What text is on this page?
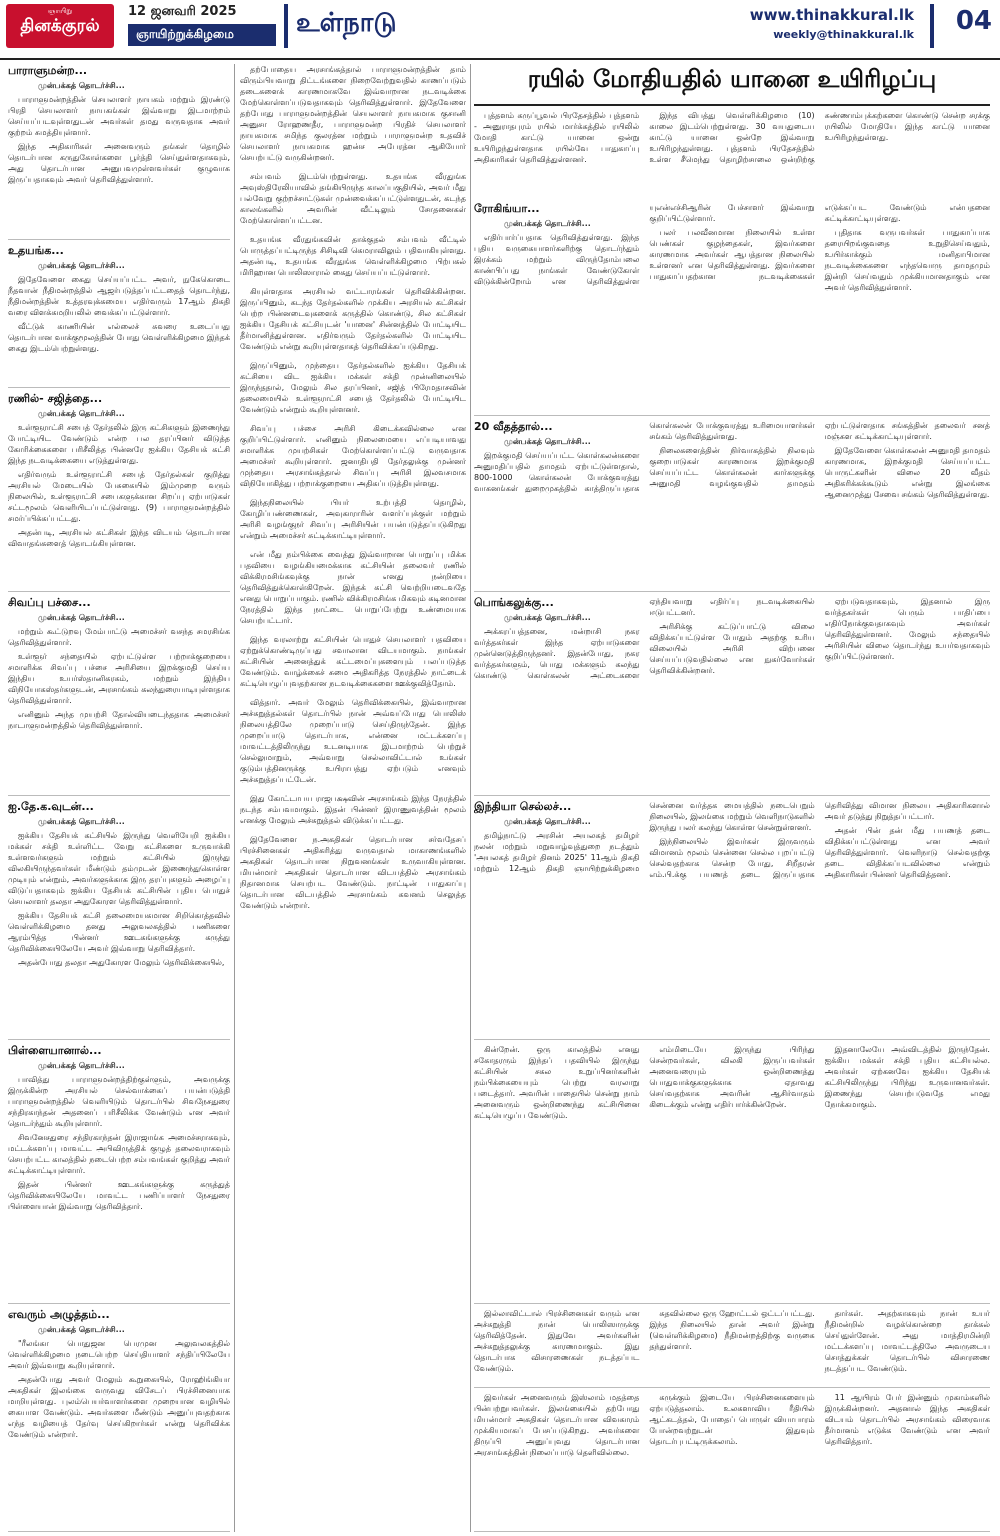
ஞாயிறு
தினக்குரல்
12 ஜனவரி 2025
ஞாயிற்றுக்கிழமை	உள்நாடு	www.thinakkural.lk
weekly@thinakkural.lk 04
பாராளுமன்ற...
முன்பக்கத் தொடர்ச்சி...

பாராளுமன்றத்தின் செயலாளர் நாயகம் மற்றும் இரண்டு பிரதி செயலாளர் நாயகங்கள் இவ்வாறு இடமாற்றம் செய்யப்படவுள்ளதுடன் அவர்கள் தமது வருவதாக அவர் குற்றம் சுமத்தியுள்ளார்.

இந்த அதிகாரிகள் அனைவரும் தங்கள் தொழில் தொடர்பான கருதுகோள்களை பூர்த்தி செய்துள்ளதாகவும், அது தொடர்பான அனுபவமுள்ளவர்கள் குழுவாக இருப்பதாகவும் அவர் தெரிவித்துள்ளார்.

உதயங்க...
முன்பக்கத் தொடர்ச்சி...

இதேவேளை கைது செய்யப்பட்ட அவர், நுகேகொடை நீதவான் நீதிமன்றத்தில் ஆஜர்படுத்தப்பட்டதைத் தொடர்ந்து, நீதிமன்றத்தின் உத்தரவுக்கமைய எதிர்வரும் 17ஆம் திகதி வரை விளக்கமறியலில் வைக்கப்பட்டுள்ளார்.

வீட்டுக் காணியின் எல்லைச் சுவரை உடைப்பது தொடர்பான வாக்குமூலத்தின் போது வெள்ளிக்கிழமை இந்தக் கைது இடம்பெற்றுள்ளது.

ரணில்- சஜித்தை...
முன்பக்கத் தொடர்ச்சி...

உள்ளூராட்சி சபைத் தேர்தலில் இரு கட்சிகளும் இணைந்து போட்டியிட வேண்டும் என்ற பல தரப்பினர் விடுத்த கோரிக்கைகளை பரிசீலித்த பின்னரே ஐக்கிய தேசியக் கட்சி இந்த நடவடிக்கையை எடுத்துள்ளது.

எதிர்வரும் உள்ளூராட்சி சபைத் தேர்தல்கள் குறித்து அரசியல் மேடையில் பேசுகையில் இம்முறை வரும் நிலையில், உள்ளூராட்சி சபைகளுக்கான சிறப்பு ஏற்பாடுகள் சட்டமூலம் வெளியிடப்பட்டுள்ளது. (9) பாராளுமன்றத்தில் சமர்ப்பிக்கப்பட்டது.

அதன்படி, அரசியல் கட்சிகள் இந்த விடயம் தொடர்பான விவாதங்களைத் தொடங்கியுள்ளன.

சிவப்பு பச்சை...
முன்பக்கத் தொடர்ச்சி...

மற்றும் கூட்டுறவு மேம்பாட்டு அமைச்சர் வசந்த சமரசிங்க தெரிவித்துள்ளார்.

உள்ளூர் சந்தையில் ஏற்பட்டுள்ள பற்றாக்குறையை சமாளிக்க சிவப்பு பச்சை அரிசியை இறக்குமதி செய்ய இந்திய உயர்ஸ்தானிகரகம், மற்றும் இந்திய விநியோகஸ்தர்களுடன், அரசாங்கம் கலந்துரையாடியுள்ளதாக தெரிவித்துள்ளார்.

எனினும் அந்த முயற்சி தோல்வியடைந்ததாக அமைச்சர் நாடாளுமன்றத்தில் தெரிவித்துள்ளார்.

ஐ.தே.க.வுடன்...
முன்பக்கத் தொடர்ச்சி...

ஐக்கிய தேசியக் கட்சியில் இருந்து வெளியேறி ஐக்கிய மக்கள் சக்தி உள்ளிட்ட வேறு கட்சிகளை உருவாக்கி உள்ளவர்களும் மற்றும் கட்சியில் இருந்து விலகியிருந்தவர்கள் மீண்டும் தம்முடன் இணைந்துகொள்ள முடியும் என்றும், அவர்களுக்காக இரு தரப்புகளும் அழைப்பு விடுப்பதாகவும் ஐக்கிய தேசியக் கட்சியின் புதிய பொதுச் செயலாளர் தலதா அதுகோரள தெரிவித்துள்ளார்.

ஐக்கிய தேசியக் கட்சி தலைமையகமான சிறிகொத்தவில் வெள்ளிக்கிழமை தனது அலுவலகத்தில் பணிகளை ஆரம்பித்த பின்னர் ஊடகங்களுக்கு கருத்து தெரிவிக்கையிலேயே அவர் இவ்வாறு தெரிவித்தார்.

அதன்போது தலதா அதுகோரள மேலும் தெரிவிக்கையில்,

பிள்ளையானால்...
முன்பக்கத் தொடர்ச்சி...

பாவித்து பாராளுமன்றத்திற்குள்ளும், அவருக்கு இருக்கின்ற அரசியல் செல்வாக்கைப் பயன்படுத்தி பாராளுமன்றத்தில் வெளியிடும் தொடர்பில் சிவநேசதுரை சந்திரகாந்தன் அதனைப் பரிசீலிக்க வேண்டும் என அவர் தொடர்ந்தும் கூறியுள்ளார்.

சிவனேசதுரை சந்திரகாந்தன் இராஜாங்க அமைச்சராகவும், மட்டக்களப்பு மாவட்ட அபிவிருத்திக் குழுத் தலைவராகவும் செயற்பட்ட காலத்தில் நடைபெற்ற சம்பவங்கள் குறித்து அவர் சுட்டிக்காட்டியுள்ளார்.

இதன் பின்னர் ஊடகங்களுக்கு கருத்துத் தெரிவிக்கையிலேயே மாவட்ட பணிப்பாளர் நேசதுரை பிள்ளையான் இவ்வாறு தெரிவித்தார்.

எவரும் அழுத்தம்...
முன்பக்கத் தொடர்ச்சி...

"ரீலங்கா பொதுஜன பெரமுன அலுவலகத்தில் வெள்ளிக்கிழமை நடைபெற்ற செய்தியாளர் சந்திப்பிலேயே அவர் இவ்வாறு கூறியுள்ளார்.

அதன்போது அவர் மேலும் கூறுகையில், ரோஹிங்கியா அகதிகள் இலங்கை வருவது விசேடப் பிரச்சினையாக மாறியுள்ளது. புலம்பெயர்வாளர்களை முறையான வழியில் கையாள வேண்டும். அவர்களை மீண்டும் அனுப்புவதற்காக எந்த வழியைத் தேர்வு செய்கிறார்கள் என்று தெரிவிக்க வேண்டும் என்றார்.

தற்போதைய அரசாங்கத்தால் பாராளுமன்றத்தின் தாம் விரும்பியவாறு திட்டங்களை நிறைவேற்றுவதில் காணப்படும் தடைகளைக் காரணமாகவே இவ்வாறான நடவடிக்கை மேற்கொள்ளப்படுவதாகவும் தெரிவித்துள்ளார். இதேவேளை தற்போது பாராளுமன்றத்தின் செயலாளர் நாயகமாக குசானி அனுசா ரோஹணதீர, பாராளுமன்ற பிரதிச் செயலாளர் நாயகமாக சமிந்த குலரத்ன மற்றும் பாராளுமன்ற உதவிச் செயலாளர் நாயகமாக ஹன்ச அபேரத்ன ஆகியோர் செயற்பட்டு வருகின்றனர்.

சம்பவம் இடம்பெற்றுள்ளது. உதயங்க வீரதுங்க அவுஸ்திரேலியாவில் தங்கியிருந்த காலப்பகுதியில், அவர் மீது பல்வேறு குற்றச்சாட்டுகள் முன்வைக்கப்பட்டுள்ளதுடன், கடந்த காலங்களில் அவரின் வீட்டிலும் சோதனைகள் மேற்கொள்ளப்பட்டன.

உதயங்க வீரதுங்கவின் தாக்குதல் சம்பவம் வீட்டில் பொருத்தப்பட்டிருந்த சிசிடிவி கெமராவிலும் பதிவாகியுள்ளது. அதன்படி, உதயங்க வீரதுங்க வெள்ளிக்கிழமை பிற்பகல் மிரிஹான பொலிஸாரால் கைது செய்யப்பட்டுள்ளார்.

கியுள்ளதாக அரசியல் வட்டாரங்கள் தெரிவிக்கின்றன. இருப்பினும், கடந்த தேர்தல்களில் முக்கிய அரசியல் கட்சிகள் பெற்ற பின்னடைவுகளைக் கருத்தில் கொண்டு, சில கட்சிகள் ஐக்கிய தேசியக் கட்சியுடன் 'யானை' சின்னத்தில் போட்டியிட தீர்மானித்துள்ளன. எதிர்வரும் தேர்தல்களில் போட்டியிட வேண்டும் என்று கூறியுள்ளதாகத் தெரிவிக்கப்படுகிறது.

இருப்பினும், முந்தைய தேர்தல்களில் ஐக்கிய தேசியக் கட்சியை விட ஐக்கிய மக்கள் சக்தி முன்னிலையில் இருந்ததால், மேலும் சில தரப்பினர், சஜித் பிரேமதாசவின் தலைமையில் உள்ளூராட்சி சபைத் தேர்தலில் போட்டியிட வேண்டும் என்றும் கூறியுள்ளனர்.

சிவப்பு பச்சை அரிசி கிடைக்கவில்லை என குறிப்பிட்டுள்ளார். எனினும் நிலைமையை எப்படியாவது சமாளிக்க முயற்சிகள் மேற்கொள்ளப்பட்டு வருவதாக அமைச்சர் கூறியுள்ளார். ஜனாதிபதி தேர்தலுக்கு முன்னர் முந்தைய அரசாங்கத்தால் சிவப்பு அரிசி இலவசமாக விநியோகித்து பற்றாக்குறையை அதிகப்படுத்தியுள்ளது.

இந்தநிலையில் பியர் உற்பத்தி தொழில், கோழிப்பண்ணைகள், அவுகாராரின் வளர்ப்புக்குள் மற்றும் அரிசி வழங்குநர் சிவப்பு அரிசியின் பயன்படுத்தப்படுகிறது என்றும் அமைச்சர் சுட்டிக்காட்டியுள்ளார்.

என் மீது நம்பிக்கை வைத்து இவ்வாறான பொறுப்பு மிக்க பதவியை வழங்கியமைக்காக கட்சியின் தலைவர் ரணில் விக்கிரமசிங்கவுக்கு நான் எனது நன்றியை தெரிவித்துக்கொள்கிறேன். இந்தக் கட்சி வெற்றியடைவதே எனது பொறுப்பாகும். ரணில் விக்கிரமசிங்க மிகவும் கடினமான நேரத்தில் இந்த நாட்டை பொறுப்பேற்று உண்மையாக செயற்பட்டார்.

இந்த வரலாற்று கட்சியின் பொதுச் செயலாளர் பதவியை ஏற்றுக்கொண்டிருப்பது சவாலான விடயமாகும். நாங்கள் கட்சியின் அனைத்துக் கட்டமைப்புகளையும் பலப்படுத்த வேண்டும். வாழ்க்கைச் சுமை அதிகரித்த நேரத்தில் நாட்டைக் கட்டியெழுப்புவதற்கான நடவடிக்கைகளை ஊக்குவித்தோம்.

வித்தார். அவர் மேலும் தெரிவிக்கையில், இவ்வாறான அச்சுறுத்தல்கள் தொடர்பில் நான் அவ்வப்போது பொலிஸ் நிலையத்திலே முறைப்பாடு செய்திருந்தேன். இந்த முறைப்பாடு தொடர்பாக, என்னை மட்டக்களப்பு மாவட்டத்திலிருந்து உடனடியாக இடமாற்றம் பெற்றுச் செல்லுமாறும், அவ்வாறு செல்லாவிட்டால் உங்கள் குடும்பத்தினருக்கு உயிராபத்து ஏற்படும் எனவும் அச்சுறுத்தப்பட்டேன்.

இது கோட்டாபய ராஜபக்ஷவின் அரசாங்கம் இந்த நேரத்தில் நடந்த சம்பவமாகும். இதன் பின்னர் இராணுவத்தின் மூலம் எனக்கு மேலும் அச்சுறுத்தல் விடுக்கப்பட்டது.

இதேவேளை ந.அகதிகள் தொடர்பான சர்வதேசப் பிரச்சினைகள் அதிகரித்து வருவதால் மாகாணங்களில் அகதிகள் தொடர்பான நிறுவனங்கள் உருவாகியுள்ளன. மியன்மார் அகதிகள் தொடர்பான விடயத்தில் அரசாங்கம் நிதானமாக செயற்பட வேண்டும். நாட்டின் பாதுகாப்பு தொடர்பான விடயத்தில் அரசாங்கம் கவனம் செலுத்த வேண்டும் என்றார்.

ரயில் மோதியதில் யானை உயிரிழப்பு

புத்தளம் கருப்பூவல் பிரதேசத்தில் புத்தளம் - அனுராதபுரம் ரயில் மார்க்கத்தில் ரயிலில் மோதி காட்டு யானை ஒன்று உயிரிழந்துள்ளதாக ரயில்வே பாதுகாப்பு அதிகாரிகள் தெரிவித்துள்ளனர்.

இந்த விபத்து வெள்ளிக்கிழமை (10) காலை இடம்பெற்றுள்ளது. 30 வயதுடைய காட்டு யானை ஒன்றே இவ்வாறு உயிரிழந்துள்ளது. புத்தளம் பிரதேசத்தில் உள்ள சீமெந்து தொழிற்சாலை ஒன்றிற்கு சுண்ணாம்புக்கற்களை கொண்டு சென்ற சரக்கு ரயிலில் மோதியே இந்த காட்டு யானை உயிரிழந்துள்ளது.

ரோகிங்யா...
முன்பக்கத் தொடர்ச்சி...

எதிர்பார்ப்பதாக தெரிவித்துள்ளது. இந்த புதிய வருகையாளர்களிற்கு தொடர்ந்தும் இரக்கம் மற்றும் விருந்தோம்பலை காண்பிப்பது நாங்கள் வேண்டுகோள் விடுக்கின்றோம் என தெரிவித்துள்ள யுஎன்எச்சிஆரின் பேச்சாளர் இவ்வாறு குறிப்பிட்டுள்ளார்.

பலர் பலவீனமான நிலையில் உள்ள பெண்கள் குழந்தைகள், இவர்களை காரணமாக அவர்கள் ஆபத்தான நிலையில் உள்ளனர் என தெரிவித்துள்ளது. இவர்களை பாதுகாப்பதற்கான நடவடிக்கைகள் எடுக்கப்பட வேண்டும் என்பதனை சுட்டிக்காட்டியுள்ளது.

புதிதாக வருபவர்கள் பாதுகாப்பாக தரையிறங்குவதை உறுதிசெய்வதும், உயிர்காக்கும் மனிதாபிமான நடவடிக்கைகளை எந்தவொரு தாமதமும் இன்றி செய்வதும் முக்கியமானதாகும் என அவர் தெரிவித்துள்ளார்.

20 வீதத்தால்...
முன்பக்கத் தொடர்ச்சி...

இறக்குமதி செய்யப்பட்ட கொள்கலன்களை அனுமதிப்பதில் தாமதம் ஏற்பட்டுள்ளதால், 800-1000 கொள்கலன் போக்குவரத்து வாகனங்கள் துறைமுகத்தில் காத்திருப்பதாக கொள்கலன் போக்குவரத்து உரிமையாளர்கள் சங்கம் தெரிவித்துள்ளது.

நிலைகளைத்தின் நிர்வாகத்தில் நிலவும் குறைபாடுகள் காரணமாக இறக்குமதி செய்யப்பட்ட கொள்கலன் கார்களுக்கு அனுமதி வழங்குவதில் தாமதம் ஏற்பட்டுள்ளதாக சங்கத்தின் தலைவர் சனத் மஞ்சுள சுட்டிக்காட்டியுள்ளார்.

இதேவேளை கொள்கலன் அனுமதி தாமதம் காரணமாக, இறக்குமதி செய்யப்பட்ட பொருட்களின் விலை 20 வீதம் அதிகரிக்கக்கூடும் என்று இலங்கை ஆனைமுத்து சேவை சங்கம் தெரிவித்துள்ளது.

பொங்கலுக்கு...
முன்பக்கத் தொடர்ச்சி...

அக்கரப்பத்தனை, மன்றாசி நகர வர்த்தகர்கள் இந்த ஏற்பாடுகளை முன்னெடுத்திருந்தனர். இதன்போது, நகர வர்த்தகர்களும், பொது மக்களும் கலந்து கொண்டு கொள்கலன் அட்டைகளை ஏந்தியவாறு எதிர்ப்பு நடவடிக்கையில் ஈடுபட்டனர்.

அரிசிக்கு கட்டுப்பாட்டு விலை விதிக்கப்பட்டுள்ள போதும் அதற்கு உரிய விலையில் அரிசி விற்பனை செய்யப்படுவதில்லை என நுகர்வோர்கள் தெரிவிக்கின்றனர்.

ஏற்படுவதாகவும், இதனால் இரு வர்த்தகர்கள் பெரும் பாதிப்பை எதிர்நோக்குவதாகவும் அவர்கள் தெரிவித்துள்ளனர். மேலும் சந்தையில் அரிசியின் விலை தொடர்ந்து உயர்வதாகவும் குறிப்பிட்டுள்ளனர்.

இந்தியா செல்லச்...
முன்பக்கத் தொடர்ச்சி...

தமிழ்நாட்டு அரசின் அயலகத் தமிழர் நலன் மற்றும் மறுவாழ்வுத்துறை நடத்தும் 'அயலகத் தமிழர் தினம் 2025' 11ஆம் திகதி மற்றும் 12ஆம் திகதி ஞாயிற்றுக்கிழமை சென்னை வர்த்தக மையத்தில் நடைபெறும் நிலையில், இலங்கை மற்றும் வெளிநாடுகளில் இருந்து பலர் கலந்து கொள்ள சென்றுள்ளனர்.

இந்நிலையில் இவர்கள் இருவரும் விமானம் மூலம் சென்னை செல்ல புறப்பட்டு செல்வதற்காக சென்ற போது, சிறீதரன் எம்.பி.க்கு பயணத் தடை இருப்பதாக தெரிவித்து விமான நிலைய அதிகாரிகளால் அவர் தடுத்து நிறுத்தப்பட்டார்.

அதன் பின் தன் மீது பயணத் தடை விதிக்கப்பட்டுள்ளது என அவர் தெரிவித்துள்ளார். வெளிநாடு செல்வதற்கு தடை விதிக்கப்படவில்லை என்றும் அதிகாரிகள் பின்னர் தெரிவித்தனர்.

கின்றேன். ஒரு காலத்தில் எனது சகோதரரும் இந்தப் பதவியில் இருந்து கட்சியின் சகல உறுப்பினர்களின் நம்பிக்கையையும் பெற்று வரலாறு படைத்தார். அவரின் பாதையில் சென்று நாம் அனைவரும் ஒன்றிணைந்து கட்சியினை கட்டியெழுப்ப வேண்டும்.

எம்மிடையே இருந்து பிரிந்து சென்றவர்கள், விலகி இருப்பவர்கள் அனைவரையும் ஒன்றிணைத்து பொதுவாக்குகளுக்காக ஏதாவது செய்வதற்காக அவரின் ஆசிர்வாதம் கிடைக்கும் என்று எதிர்பார்க்கின்றேன்.

இதனாலேயே அவ்விடத்தில் இருந்தேன். ஐக்கிய மக்கள் சக்தி புதிய கட்சியல்ல. அவர்கள் ஏற்கனவே ஐக்கிய தேசியக் கட்சியிலிருந்து பிரிந்து உருவானவர்கள். இணைந்து செயற்படுவதே எமது நோக்கமாகும்.

இல்லாவிட்டால் பிரச்சினைகள் வரும் என அச்சுறுத்தி நான் பொலிஸாருக்கு தெரிவித்தேன். இதுவே அவர்களின் அச்சுறுத்தலுக்கு காரணமாகும். இது தொடர்பாக விசாரணைகள் நடத்தப்பட வேண்டும்.

சுதவில்லை ஒரு ஹோட்டல் ஒட்டப்பட்டது. இந்த நிலையில் தான் அவர் இன்று (வெள்ளிக்கிழமை) நீதிமன்றத்திற்கு வருகை தந்துள்ளார்.

தார்கள். அதற்காகவும் நான் உயர் நீதிமன்றில் வழக்கொன்றை தாக்கல் செய்துள்ளேன். அது மாத்திரமின்றி மட்டக்களப்பு மாவட்டத்திலே அவருடைய சொத்துக்கள் தொடர்பில் விசாரணை நடத்தப்பட வேண்டும்.

இவர்கள் அனைவரும் இஸ்லாம் மதத்தை பின்பற்றுபவர்கள். இலங்கையில் தற்போது மியன்மார் அகதிகள் தொடர்பான விவகாரம் முக்கியமாகப் பேசப்படுகிறது. அவர்களை திருப்பி அனுப்புவது தொடர்பான அரசாங்கத்தின் நிலைப்பாடு தெளிவில்லை.

கருக்கும் இடையே பிரச்சினைகளையும் ஏற்படுத்தலாம். உலகளாவிய ரீதியில் ஆட்கடத்தல், போதைப் பொருள் வியாபாரம் போன்றவற்றுடன் இதுவும் தொடர்புபட்டிருக்கலாம்.

11 ஆயிரம் பேர் இன்னும் முகாம்களில் இருக்கின்றனர். அதனால் இந்த அகதிகள் விடயம் தொடர்பில் அரசாங்கம் விரைவாக தீர்மானம் எடுக்க வேண்டும் என அவர் தெரிவித்தார்.
